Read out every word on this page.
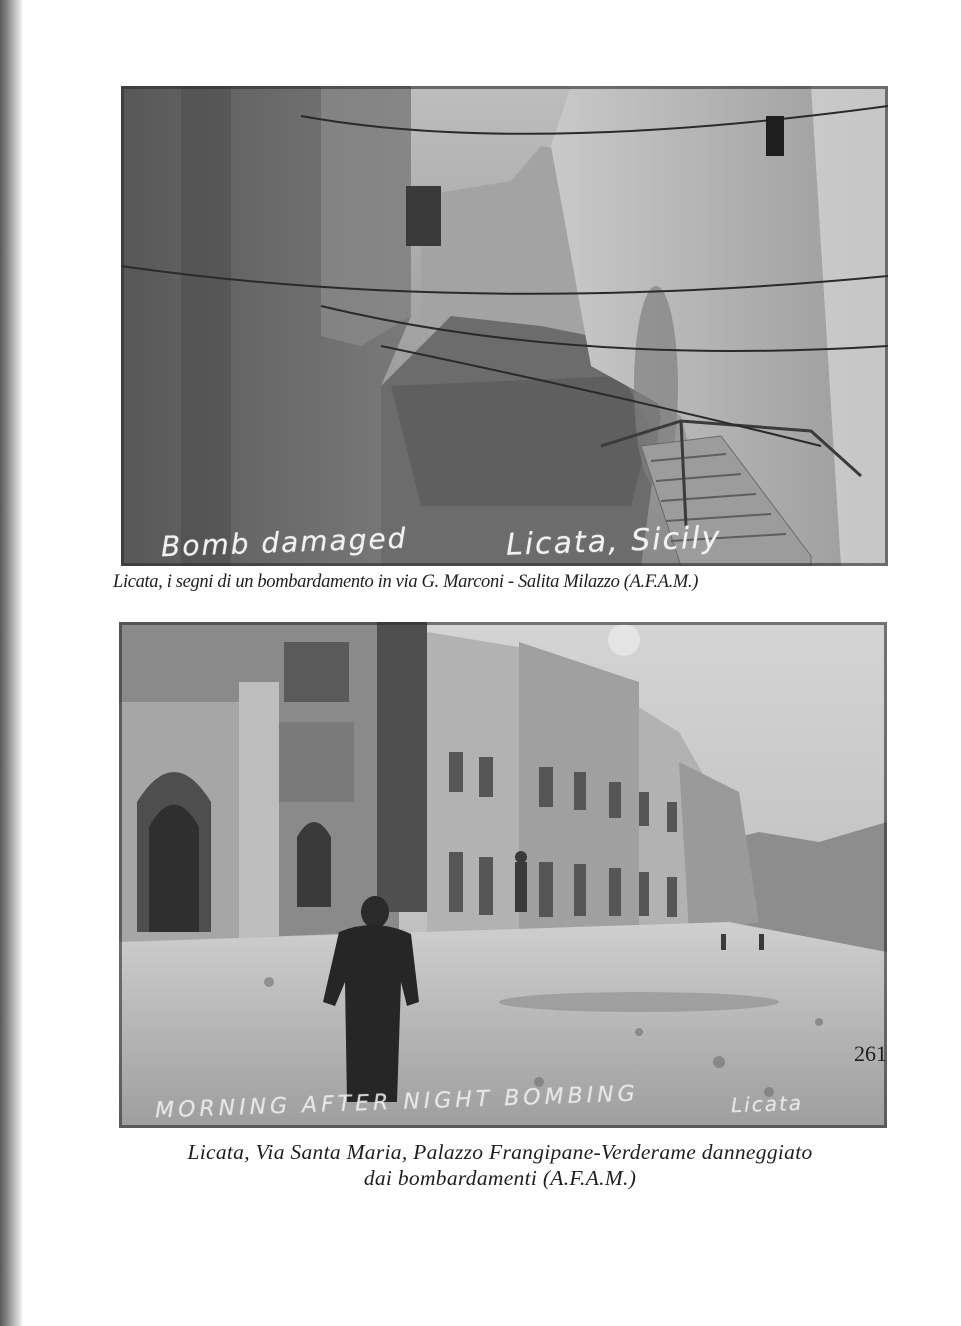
Bomb damaged	Licata, Sicily
Licata, i segni di un bombardamento in via G. Marconi - Salita Milazzo (A.F.A.M.)
MORNING AFTER NIGHT BOMBING	Licata
Licata, Via Santa Maria, Palazzo Frangipane-Verderame danneggiato
dai bombardamenti (A.F.A.M.)
261
